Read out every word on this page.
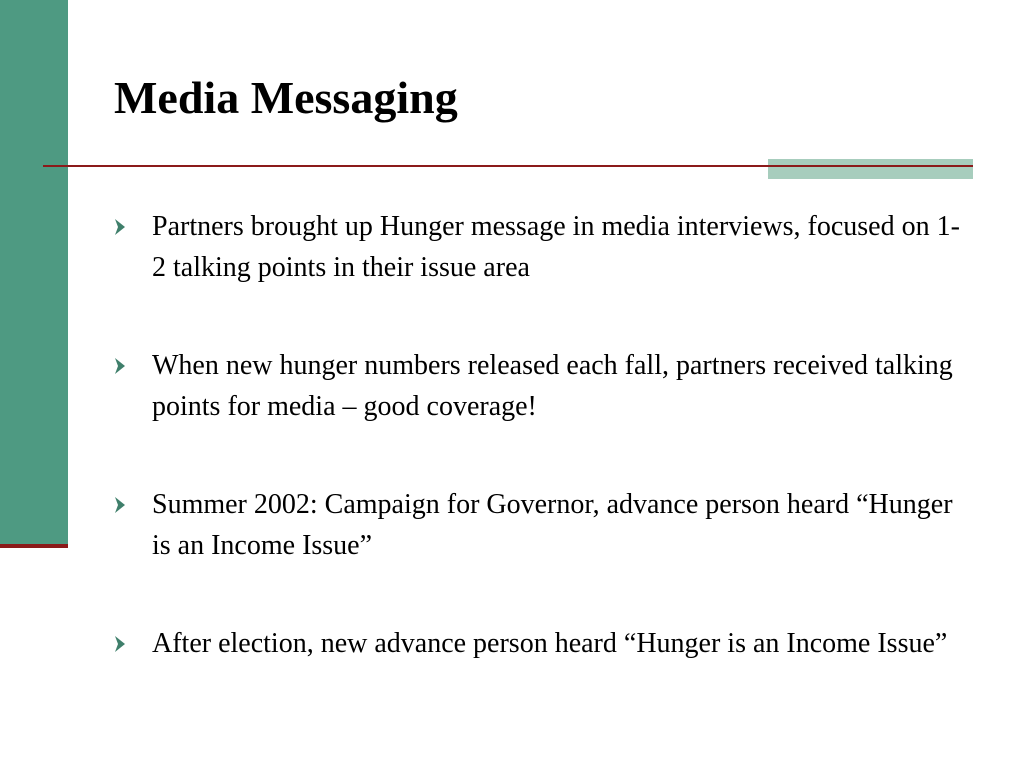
Media Messaging
Partners brought up Hunger message in media interviews, focused on 1-2 talking points in their issue area
When new hunger numbers released each fall, partners received talking points for media – good coverage!
Summer 2002: Campaign for Governor, advance person heard “Hunger is an Income Issue”
After election, new advance person heard “Hunger is an Income Issue”
